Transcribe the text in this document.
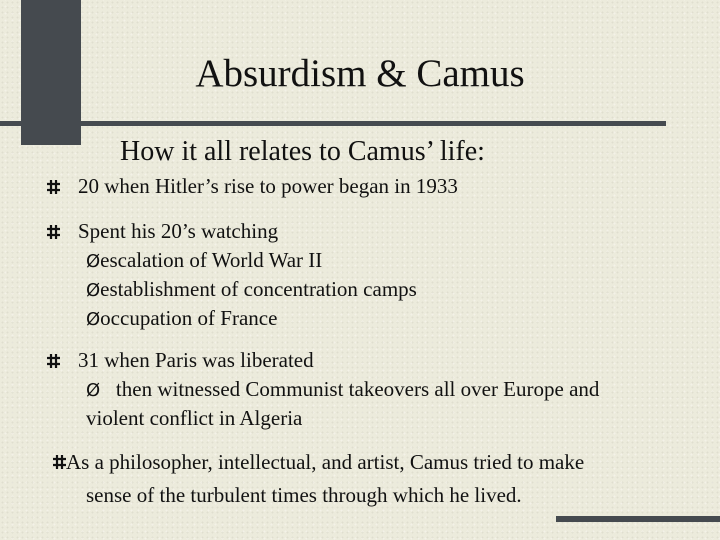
Absurdism & Camus
How it all relates to Camus’ life:
20 when Hitler’s rise to power began in 1933
Spent his 20’s watching
Øescalation of World War II
Øestablishment of concentration camps
Øoccupation of France
31 when Paris was liberated
Ø then witnessed Communist takeovers all over Europe and
violent conflict in Algeria
As a philosopher, intellectual, and artist, Camus tried to make
sense of the turbulent times through which he lived.
